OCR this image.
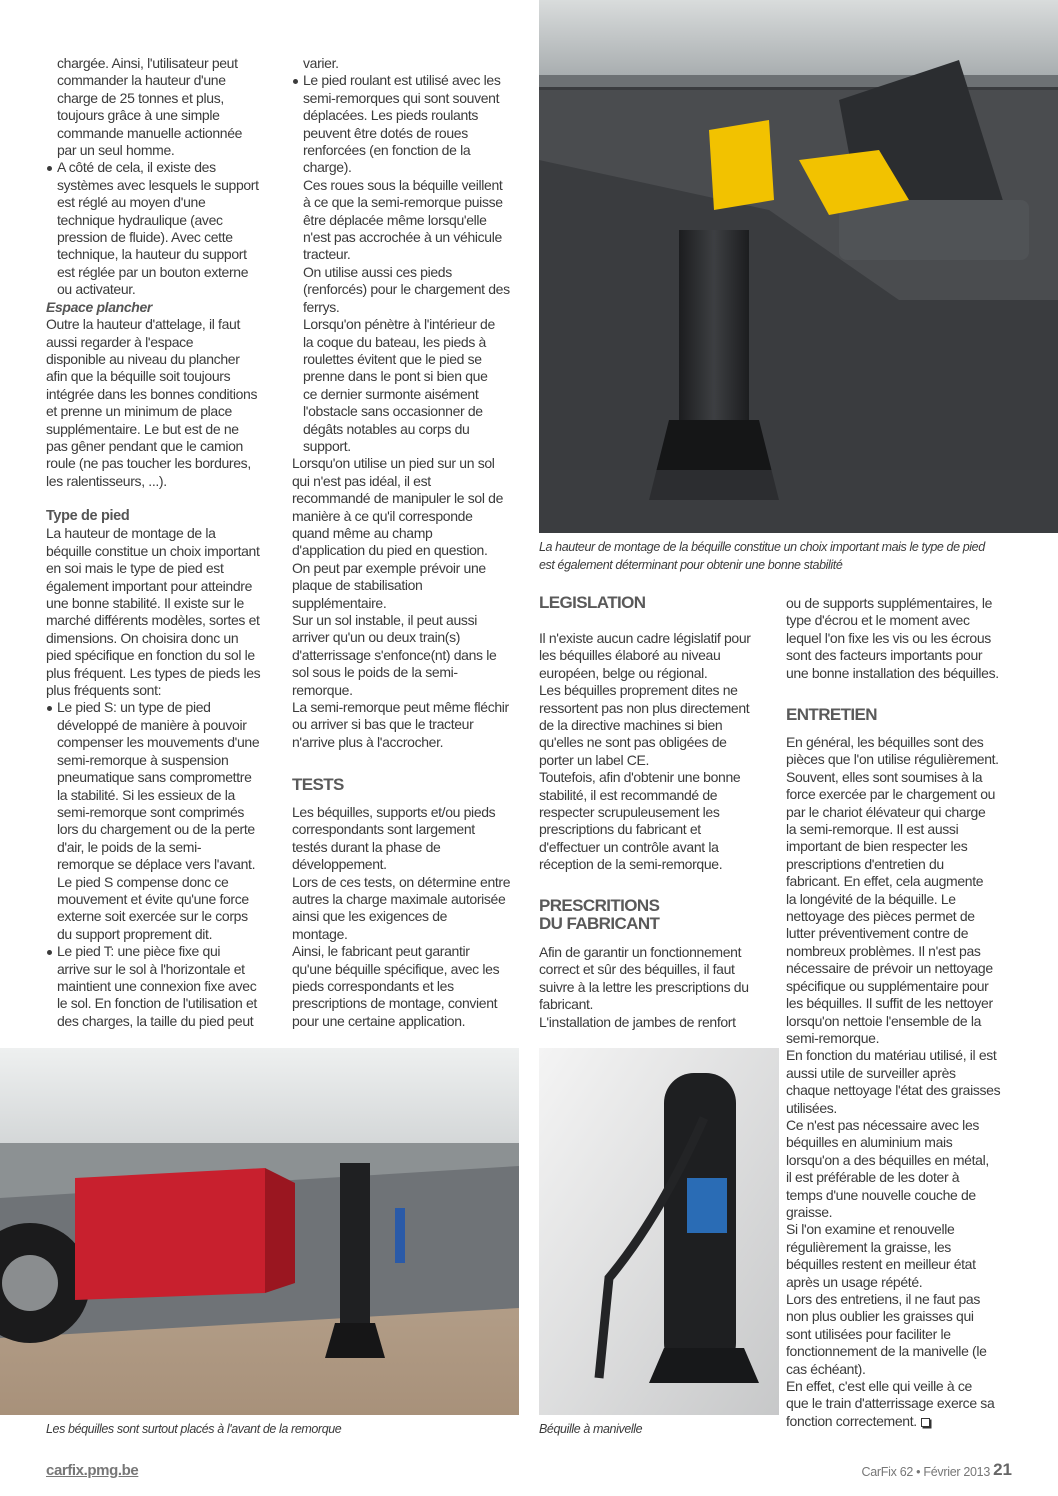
La hauteur de montage de la béquille constitue un choix important mais le type de pied
est également déterminant pour obtenir une bonne stabilité
chargée. Ainsi, l'utilisateur peut
commander la hauteur d'une
charge de 25 tonnes et plus,
toujours grâce à une simple
commande manuelle actionnée
par un seul homme.
A côté de cela, il existe des
systèmes avec lesquels le support
est réglé au moyen d'une
technique hydraulique (avec
pression de fluide). Avec cette
technique, la hauteur du support
est réglée par un bouton externe
ou activateur.
Espace plancher
Outre la hauteur d'attelage, il faut
aussi regarder à l'espace
disponible au niveau du plancher
afin que la béquille soit toujours
intégrée dans les bonnes conditions
et prenne un minimum de place
supplémentaire. Le but est de ne
pas gêner pendant que le camion
roule (ne pas toucher les bordures,
les ralentisseurs, ...).
Type de pied
La hauteur de montage de la
béquille constitue un choix important
en soi mais le type de pied est
également important pour atteindre
une bonne stabilité. Il existe sur le
marché différents modèles, sortes et
dimensions. On choisira donc un
pied spécifique en fonction du sol le
plus fréquent. Les types de pieds les
plus fréquents sont:
Le pied S: un type de pied
développé de manière à pouvoir
compenser les mouvements d'une
semi-remorque à suspension
pneumatique sans compromettre
la stabilité. Si les essieux de la
semi-remorque sont comprimés
lors du chargement ou de la perte
d'air, le poids de la semi-
remorque se déplace vers l'avant.
Le pied S compense donc ce
mouvement et évite qu'une force
externe soit exercée sur le corps
du support proprement dit.
Le pied T: une pièce fixe qui
arrive sur le sol à l'horizontale et
maintient une connexion fixe avec
le sol. En fonction de l'utilisation et
des charges, la taille du pied peut
varier.
Le pied roulant est utilisé avec les
semi-remorques qui sont souvent
déplacées. Les pieds roulants
peuvent être dotés de roues
renforcées (en fonction de la
charge).
Ces roues sous la béquille veillent
à ce que la semi-remorque puisse
être déplacée même lorsqu'elle
n'est pas accrochée à un véhicule
tracteur.
On utilise aussi ces pieds
(renforcés) pour le chargement des
ferrys.
Lorsqu'on pénètre à l'intérieur de
la coque du bateau, les pieds à
roulettes évitent que le pied se
prenne dans le pont si bien que
ce dernier surmonte aisément
l'obstacle sans occasionner de
dégâts notables au corps du
support.
Lorsqu'on utilise un pied sur un sol
qui n'est pas idéal, il est
recommandé de manipuler le sol de
manière à ce qu'il corresponde
quand même au champ
d'application du pied en question.
On peut par exemple prévoir une
plaque de stabilisation
supplémentaire.
Sur un sol instable, il peut aussi
arriver qu'un ou deux train(s)
d'atterrissage s'enfonce(nt) dans le
sol sous le poids de la semi-
remorque.
La semi-remorque peut même fléchir
ou arriver si bas que le tracteur
n'arrive plus à l'accrocher.
TESTS
Les béquilles, supports et/ou pieds
correspondants sont largement
testés durant la phase de
développement.
Lors de ces tests, on détermine entre
autres la charge maximale autorisée
ainsi que les exigences de
montage.
Ainsi, le fabricant peut garantir
qu'une béquille spécifique, avec les
pieds correspondants et les
prescriptions de montage, convient
pour une certaine application.
LEGISLATION
Il n'existe aucun cadre législatif pour
les béquilles élaboré au niveau
européen, belge ou régional.
Les béquilles proprement dites ne
ressortent pas non plus directement
de la directive machines si bien
qu'elles ne sont pas obligées de
porter un label CE.
Toutefois, afin d'obtenir une bonne
stabilité, il est recommandé de
respecter scrupuleusement les
prescriptions du fabricant et
d'effectuer un contrôle avant la
réception de la semi-remorque.
PRESCRITIONS
DU FABRICANT
Afin de garantir un fonctionnement
correct et sûr des béquilles, il faut
suivre à la lettre les prescriptions du
fabricant.
L'installation de jambes de renfort
ou de supports supplémentaires, le
type d'écrou et le moment avec
lequel l'on fixe les vis ou les écrous
sont des facteurs importants pour
une bonne installation des béquilles.
ENTRETIEN
En général, les béquilles sont des
pièces que l'on utilise régulièrement.
Souvent, elles sont soumises à la
force exercée par le chargement ou
par le chariot élévateur qui charge
la semi-remorque. Il est aussi
important de bien respecter les
prescriptions d'entretien du
fabricant. En effet, cela augmente
la longévité de la béquille. Le
nettoyage des pièces permet de
lutter préventivement contre de
nombreux problèmes. Il n'est pas
nécessaire de prévoir un nettoyage
spécifique ou supplémentaire pour
les béquilles. Il suffit de les nettoyer
lorsqu'on nettoie l'ensemble de la
semi-remorque.
En fonction du matériau utilisé, il est
aussi utile de surveiller après
chaque nettoyage l'état des graisses
utilisées.
Ce n'est pas nécessaire avec les
béquilles en aluminium mais
lorsqu'on a des béquilles en métal,
il est préférable de les doter à
temps d'une nouvelle couche de
graisse.
Si l'on examine et renouvelle
régulièrement la graisse, les
béquilles restent en meilleur état
après un usage répété.
Lors des entretiens, il ne faut pas
non plus oublier les graisses qui
sont utilisées pour faciliter le
fonctionnement de la manivelle (le
cas échéant).
En effet, c'est elle qui veille à ce
que le train d'atterrissage exerce sa
fonction correctement.
Les béquilles sont surtout placés à l'avant de la remorque	Béquille à manivelle
carfix.pmg.be	CarFix 62 • Février 2013 21
